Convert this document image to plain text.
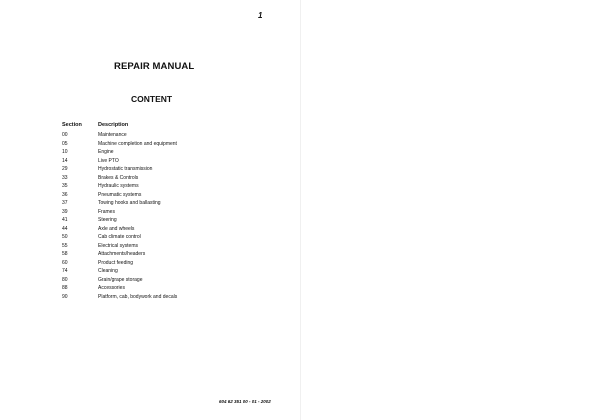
1
REPAIR MANUAL
CONTENT
Section	Description
00	Maintenance
05	Machine completion and equipment
10	Engine
14	Live PTO
29	Hydrostatic transmission
33	Brakes & Controls
35	Hydraulic systems
36	Pneumatic systems
37	Towing hooks and ballasting
39	Frames
41	Steering
44	Axle and wheels
50	Cab climate control
55	Electrical systems
58	Attachments/headers
60	Product feeding
74	Cleaning
80	Grain/grape storage
88	Accessories
90	Platform, cab, bodywork and decals
604 62 351 00 - 01 - 2002
